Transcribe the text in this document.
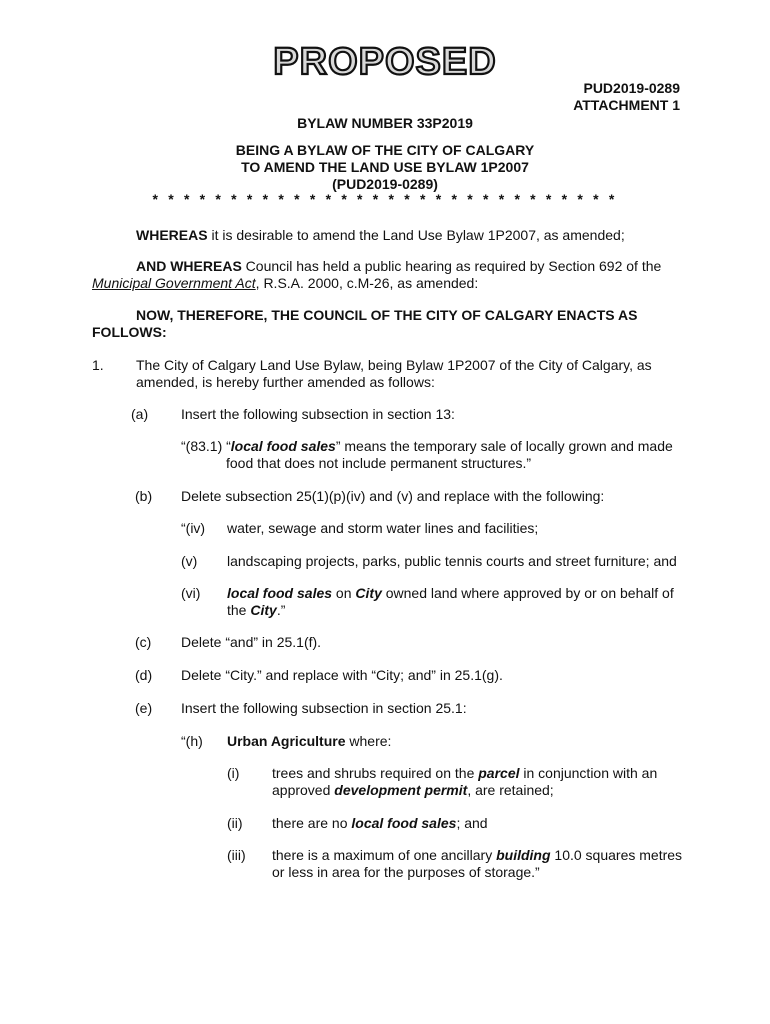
PROPOSED
PUD2019-0289
ATTACHMENT 1
BYLAW NUMBER 33P2019
BEING A BYLAW OF THE CITY OF CALGARY
TO AMEND THE LAND USE BYLAW 1P2007
(PUD2019-0289)
* * * * * * * * * * * * * * * * * * * * * * * * * * * * * *
WHEREAS it is desirable to amend the Land Use Bylaw 1P2007, as amended;
AND WHEREAS Council has held a public hearing as required by Section 692 of the
Municipal Government Act, R.S.A. 2000, c.M-26, as amended:
NOW, THEREFORE, THE COUNCIL OF THE CITY OF CALGARY ENACTS AS
FOLLOWS:
1. The City of Calgary Land Use Bylaw, being Bylaw 1P2007 of the City of Calgary, as
amended, is hereby further amended as follows:
(a) Insert the following subsection in section 13:
“(83.1) “local food sales” means the temporary sale of locally grown and made
food that does not include permanent structures.”
(b) Delete subsection 25(1)(p)(iv) and (v) and replace with the following:
“(iv) water, sewage and storm water lines and facilities;
(v) landscaping projects, parks, public tennis courts and street furniture; and
(vi) local food sales on City owned land where approved by or on behalf of
the City.”
(c) Delete “and” in 25.1(f).
(d) Delete “City.” and replace with “City; and” in 25.1(g).
(e) Insert the following subsection in section 25.1:
“(h) Urban Agriculture where:
(i) trees and shrubs required on the parcel in conjunction with an
approved development permit, are retained;
(ii) there are no local food sales; and
(iii) there is a maximum of one ancillary building 10.0 squares metres
or less in area for the purposes of storage.”
